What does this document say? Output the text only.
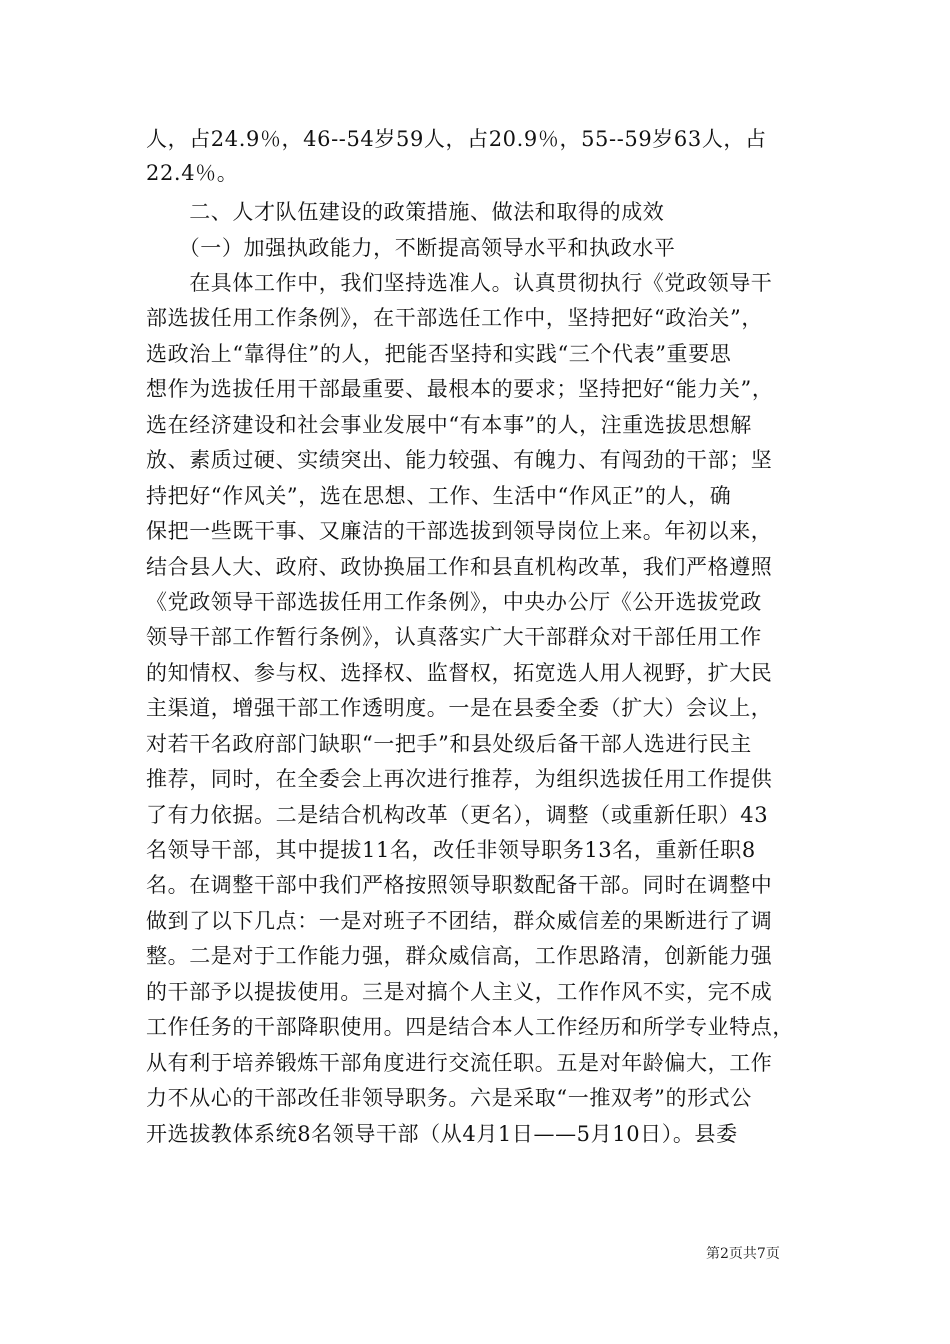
人，占24.9％，46--54岁59人，占20.9％，55--59岁63人，占
22.4％。
　　二、人才队伍建设的政策措施、做法和取得的成效
　　（一）加强执政能力，不断提高领导水平和执政水平
　　在具体工作中，我们坚持选准人。认真贯彻执行《党政领导干
部选拔任用工作条例》，在干部选任工作中，坚持把好“政治关”，
选政治上“靠得住”的人，把能否坚持和实践“三个代表”重要思
想作为选拔任用干部最重要、最根本的要求；坚持把好“能力关”，
选在经济建设和社会事业发展中“有本事”的人，注重选拔思想解
放、素质过硬、实绩突出、能力较强、有魄力、有闯劲的干部；坚
持把好“作风关”，选在思想、工作、生活中“作风正”的人，确
保把一些既干事、又廉洁的干部选拔到领导岗位上来。年初以来，
结合县人大、政府、政协换届工作和县直机构改革，我们严格遵照
《党政领导干部选拔任用工作条例》，中央办公厅《公开选拔党政
领导干部工作暂行条例》，认真落实广大干部群众对干部任用工作
的知情权、参与权、选择权、监督权，拓宽选人用人视野，扩大民
主渠道，增强干部工作透明度。一是在县委全委（扩大）会议上，
对若干名政府部门缺职“一把手”和县处级后备干部人选进行民主
推荐，同时，在全委会上再次进行推荐，为组织选拔任用工作提供
了有力依据。二是结合机构改革（更名），调整（或重新任职）43
名领导干部，其中提拔11名，改任非领导职务13名，重新任职8
名。在调整干部中我们严格按照领导职数配备干部。同时在调整中
做到了以下几点：一是对班子不团结，群众威信差的果断进行了调
整。二是对于工作能力强，群众威信高，工作思路清，创新能力强
的干部予以提拔使用。三是对搞个人主义，工作作风不实，完不成
工作任务的干部降职使用。四是结合本人工作经历和所学专业特点，
从有利于培养锻炼干部角度进行交流任职。五是对年龄偏大，工作
力不从心的干部改任非领导职务。六是采取“一推双考”的形式公
开选拔教体系统8名领导干部（从4月1日——5月10日）。县委
第2页共7页
